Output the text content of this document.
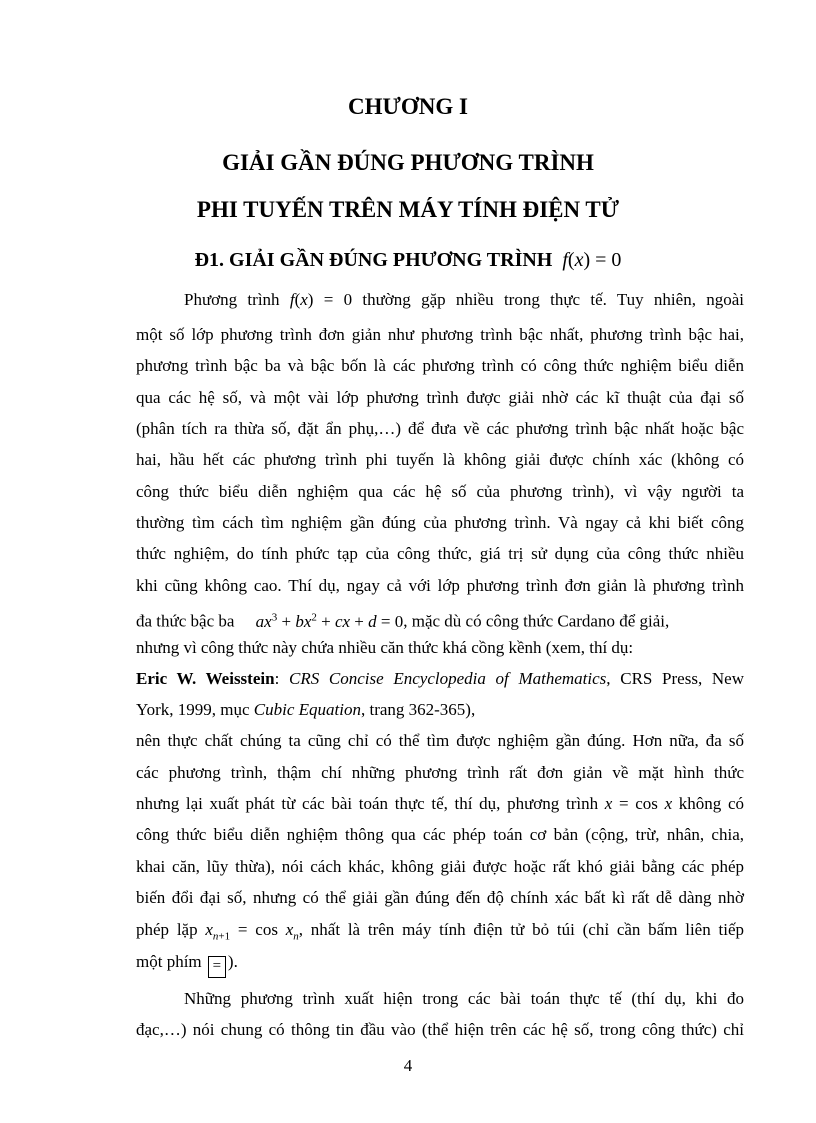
CHƯƠNG I
GIẢI GẦN ĐÚNG PHƯƠNG TRÌNH
PHI TUYẾN TRÊN MÁY TÍNH ĐIỆN TỬ
Đ1. GIẢI GẦN ĐÚNG PHƯƠNG TRÌNH f(x) = 0
Phương trình f(x) = 0 thường gặp nhiều trong thực tế. Tuy nhiên, ngoài
một số lớp phương trình đơn giản như phương trình bậc nhất, phương trình bậc hai,
phương trình bậc ba và bậc bốn là các phương trình có công thức nghiệm biểu diễn
qua các hệ số, và một vài lớp phương trình được giải nhờ các kĩ thuật của đại số
(phân tích ra thừa số, đặt ẩn phụ,…) để đưa về các phương trình bậc nhất hoặc bậc
hai, hầu hết các phương trình phi tuyến là không giải được chính xác (không có
công thức biểu diễn nghiệm qua các hệ số của phương trình), vì vậy người ta
thường tìm cách tìm nghiệm gần đúng của phương trình. Và ngay cả khi biết công
thức nghiệm, do tính phức tạp của công thức, giá trị sử dụng của công thức nhiều
khi cũng không cao. Thí dụ, ngay cả với lớp phương trình đơn giản là phương trình
đa thức bậc ba $ax^3 + bx^2$ + cx + d = 0, mặc dù có công thức Cardano để giải,
nhưng vì công thức này chứa nhiều căn thức khá cồng kềnh (xem, thí dụ:
Eric W. Weisstein: CRS Concise Encyclopedia of Mathematics, CRS Press, New
York, 1999, mục Cubic Equation, trang 362-365),
nên thực chất chúng ta cũng chỉ có thể tìm được nghiệm gần đúng. Hơn nữa, đa số
các phương trình, thậm chí những phương trình rất đơn giản về mặt hình thức
nhưng lại xuất phát từ các bài toán thực tế, thí dụ, phương trình x = cos x không có
công thức biểu diễn nghiệm thông qua các phép toán cơ bản (cộng, trừ, nhân, chia,
khai căn, lũy thừa), nói cách khác, không giải được hoặc rất khó giải bằng các phép
biến đổi đại số, nhưng có thể giải gần đúng đến độ chính xác bất kì rất dễ dàng nhờ
phép lặp $x_{n+1} = \cos x_n$, nhất là trên máy tính điện tử bỏ túi (chỉ cần bấm liên tiếp
một phím = ).
Những phương trình xuất hiện trong các bài toán thực tế (thí dụ, khi đo
đạc,…) nói chung có thông tin đầu vào (thể hiện trên các hệ số, trong công thức) chỉ
4
